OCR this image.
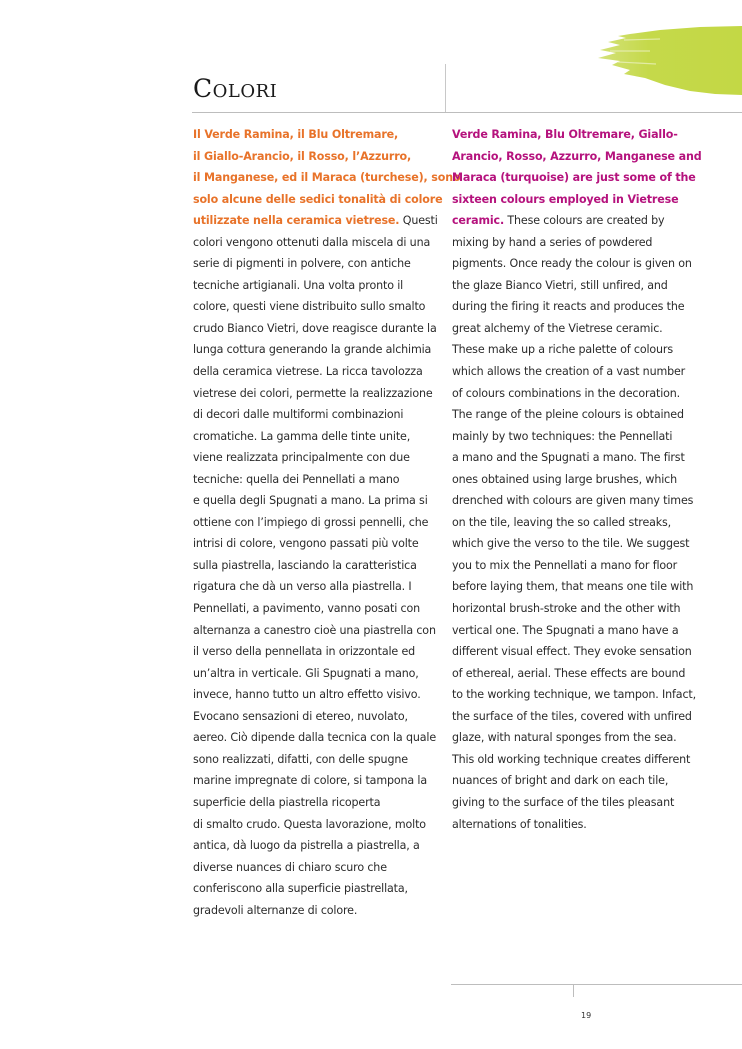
Colori
Il Verde Ramina, il Blu Oltremare,
il Giallo-Arancio, il Rosso, l’Azzurro,
il Manganese, ed il Maraca (turchese), sono
solo alcune delle sedici tonalità di colore
utilizzate nella ceramica vietrese. Questi
colori vengono ottenuti dalla miscela di una
serie di pigmenti in polvere, con antiche
tecniche artigianali. Una volta pronto il
colore, questi viene distribuito sullo smalto
crudo Bianco Vietri, dove reagisce durante la
lunga cottura generando la grande alchimia
della ceramica vietrese. La ricca tavolozza
vietrese dei colori, permette la realizzazione
di decori dalle multiformi combinazioni
cromatiche. La gamma delle tinte unite,
viene realizzata principalmente con due
tecniche: quella dei Pennellati a mano
e quella degli Spugnati a mano. La prima si
ottiene con l’impiego di grossi pennelli, che
intrisi di colore, vengono passati più volte
sulla piastrella, lasciando la caratteristica
rigatura che dà un verso alla piastrella. I
Pennellati, a pavimento, vanno posati con
alternanza a canestro cioè una piastrella con
il verso della pennellata in orizzontale ed
un’altra in verticale. Gli Spugnati a mano,
invece, hanno tutto un altro effetto visivo.
Evocano sensazioni di etereo, nuvolato,
aereo. Ciò dipende dalla tecnica con la quale
sono realizzati, difatti, con delle spugne
marine impregnate di colore, si tampona la
superficie della piastrella ricoperta
di smalto crudo. Questa lavorazione, molto
antica, dà luogo da pistrella a piastrella, a
diverse nuances di chiaro scuro che
conferiscono alla superficie piastrellata,
gradevoli alternanze di colore.
Verde Ramina, Blu Oltremare, Giallo-
Arancio, Rosso, Azzurro, Manganese and
Maraca (turquoise) are just some of the
sixteen colours employed in Vietrese
ceramic. These colours are created by
mixing by hand a series of powdered
pigments. Once ready the colour is given on
the glaze Bianco Vietri, still unfired, and
during the firing it reacts and produces the
great alchemy of the Vietrese ceramic.
These make up a riche palette of colours
which allows the creation of a vast number
of colours combinations in the decoration.
The range of the pleine colours is obtained
mainly by two techniques: the Pennellati
a mano and the Spugnati a mano. The first
ones obtained using large brushes, which
drenched with colours are given many times
on the tile, leaving the so called streaks,
which give the verso to the tile. We suggest
you to mix the Pennellati a mano for floor
before laying them, that means one tile with
horizontal brush-stroke and the other with
vertical one. The Spugnati a mano have a
different visual effect. They evoke sensation
of ethereal, aerial. These effects are bound
to the working technique, we tampon. Infact,
the surface of the tiles, covered with unfired
glaze, with natural sponges from the sea.
This old working technique creates different
nuances of bright and dark on each tile,
giving to the surface of the tiles pleasant
alternations of tonalities.
19
